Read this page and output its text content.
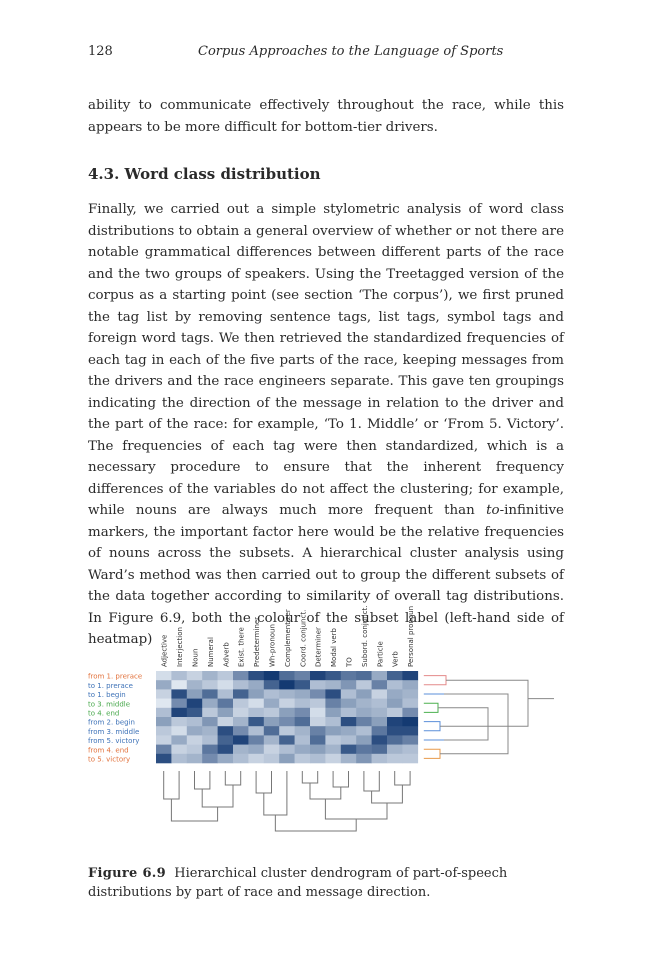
128	Corpus Approaches to the Language of Sports

ability to communicate effectively throughout the race, while this appears to be more difficult for bottom-tier drivers.

4.3. Word class distribution

Finally, we carried out a simple stylometric analysis of word class distributions to obtain a general overview of whether or not there are notable grammatical differences between different parts of the race and the two groups of speakers. Using the Treetagged version of the corpus as a starting point (see section ‘The corpus’), we first pruned the tag list by removing sentence tags, list tags, symbol tags and foreign word tags. We then retrieved the standardized frequencies of each tag in each of the five parts of the race, keeping messages from the drivers and the race engineers separate. This gave ten groupings indicating the direction of the message in relation to the driver and the part of the race: for example, ‘To 1. Middle’ or ‘From 5. Victory’. The frequencies of each tag were then standardized, which is a necessary procedure to ensure that the inherent frequency differences of the variables do not affect the clustering; for example, while nouns are always much more frequent than to-infinitive markers, the important factor here would be the relative frequencies of nouns across the subsets. A hierarchical cluster analysis using Ward’s method was then carried out to group the different subsets of the data together according to similarity of overall tag distributions. In Figure 6.9, both the colour of the subset label (left-hand side of heatmap)	Adjective Interjection Noun Numeral Adverb Exist. there Predeterminer Wh-pronoun Complementizer Coord. conjunct. Determiner Modal verb TO Subord. conjunct. Particle Verb Personal pronoun
from 1. prerace
to 1. prerace
to 1. begin
to 3. middle
to 4. end
from 2. begin
from 3. middle
from 5. victory
from 4. end
to 5. victory

Figure 6.9 Hierarchical cluster dendrogram of part-of-speech distributions by part of race and message direction.
